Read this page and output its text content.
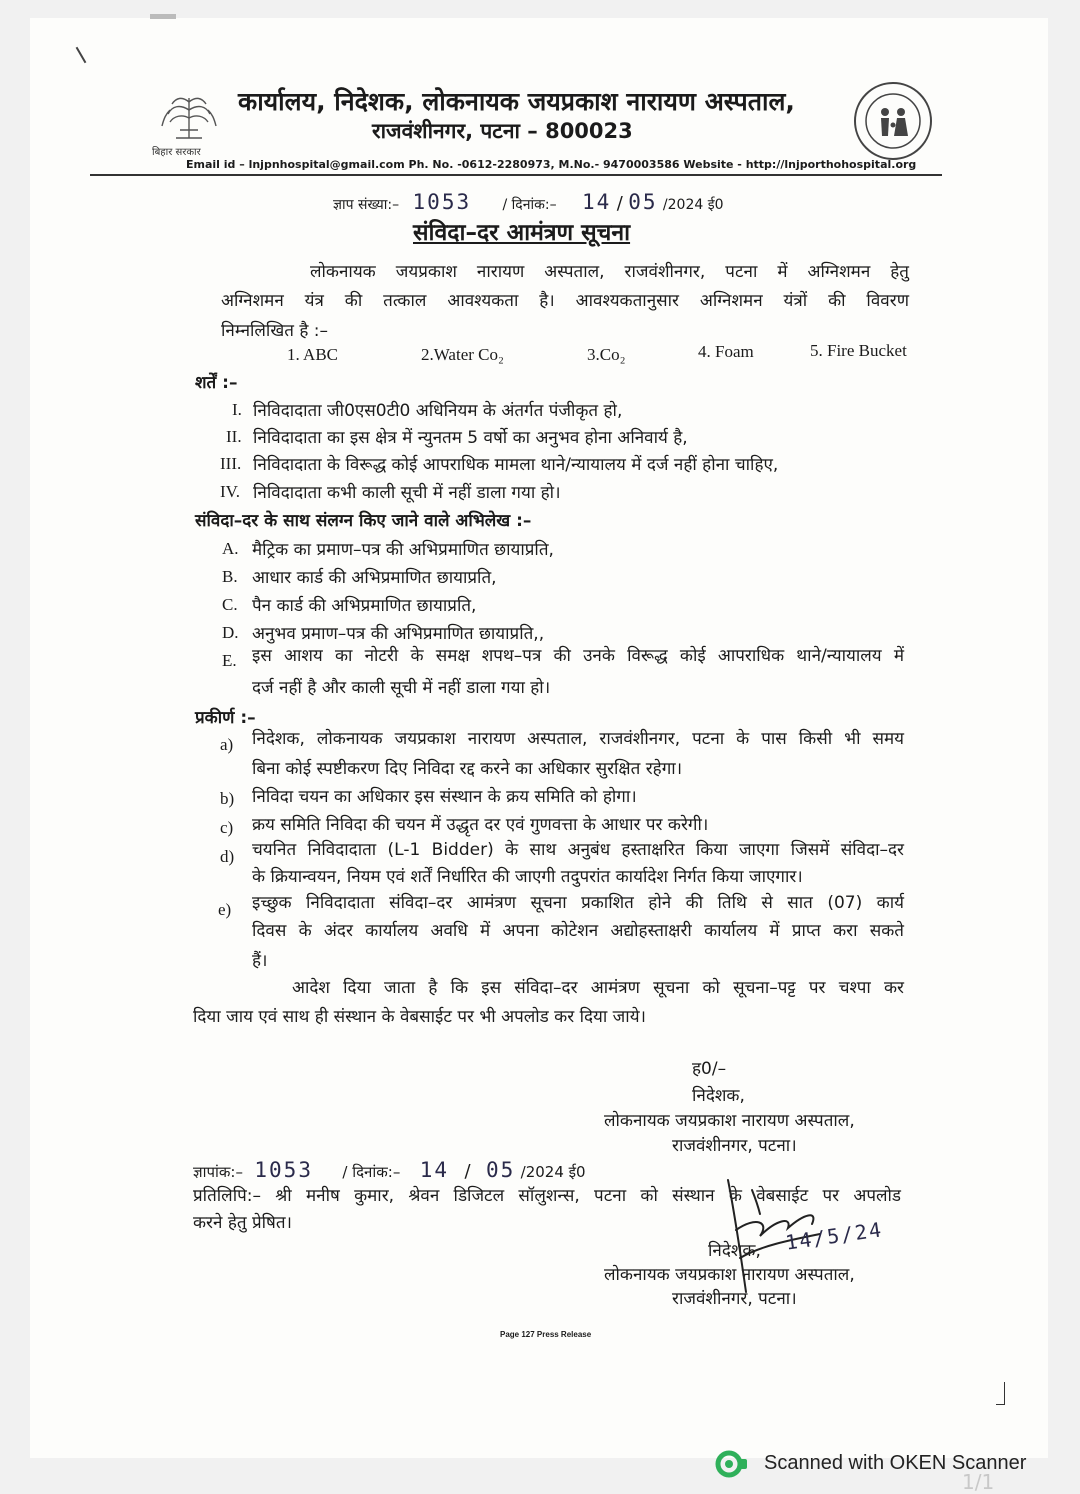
बिहार सरकार
कार्यालय, निदेशक, लोकनायक जयप्रकाश नारायण अस्पताल,
राजवंशीनगर, पटना – 800023
Email id – lnjpnhospital@gmail.com Ph. No. -0612-2280973, M.No.- 9470003586 Website - http://lnjporthohospital.org
ज्ञाप संख्या:– 1053 / दिनांक:– 14 / 05 /2024 ई0
संविदा–दर आमंत्रण सूचना
लोकनायक जयप्रकाश नारायण अस्पताल, राजवंशीनगर, पटना में अग्निशमन हेतु
अग्निशमन यंत्र की तत्काल आवश्यकता है। आवश्यकतानुसार अग्निशमन यंत्रों की विवरण
निम्नलिखित है :–
1. ABC	2.Water Co₂	3.Co₂	4. Foam	5. Fire Bucket
शर्तें :–
I. निविदादाता जी0एस0टी0 अधिनियम के अंतर्गत पंजीकृत हो,
II. निविदादाता का इस क्षेत्र में न्युनतम 5 वर्षो का अनुभव होना अनिवार्य है,
III. निविदादाता के विरूद्ध कोई आपराधिक मामला थाने/न्यायालय में दर्ज नहीं होना चाहिए,
IV. निविदादाता कभी काली सूची में नहीं डाला गया हो।
संविदा–दर के साथ संलग्न किए जाने वाले अभिलेख :–
A. मैट्रिक का प्रमाण–पत्र की अभिप्रमाणित छायाप्रति,
B. आधार कार्ड की अभिप्रमाणित छायाप्रति,
C. पैन कार्ड की अभिप्रमाणित छायाप्रति,
D. अनुभव प्रमाण–पत्र की अभिप्रमाणित छायाप्रति,,
E. इस आशय का नोटरी के समक्ष शपथ–पत्र की उनके विरूद्ध कोई आपराधिक थाने/न्यायालय में
दर्ज नहीं है और काली सूची में नहीं डाला गया हो।
प्रकीर्ण :–
a) निदेशक, लोकनायक जयप्रकाश नारायण अस्पताल, राजवंशीनगर, पटना के पास किसी भी समय
बिना कोई स्पष्टीकरण दिए निविदा रद्द करने का अधिकार सुरक्षित रहेगा।
b) निविदा चयन का अधिकार इस संस्थान के क्रय समिति को होगा।
c) क्रय समिति निविदा की चयन में उद्धृत दर एवं गुणवत्ता के आधार पर करेगी।
d) चयनित निविदादाता (L-1 Bidder) के साथ अनुबंध हस्ताक्षरित किया जाएगा जिसमें संविदा–दर
के क्रियान्वयन, नियम एवं शर्तें निर्धारित की जाएगी तदुपरांत कार्यादेश निर्गत किया जाएगार।
e) इच्छुक निविदादाता संविदा–दर आमंत्रण सूचना प्रकाशित होने की तिथि से सात (07) कार्य
दिवस के अंदर कार्यालय अवधि में अपना कोटेशन अद्योहस्ताक्षरी कार्यालय में प्राप्त करा सकते
हैं।
आदेश दिया जाता है कि इस संविदा–दर आमंत्रण सूचना को सूचना–पट्ट पर चश्पा कर
दिया जाय एवं साथ ही संस्थान के वेबसाईट पर भी अपलोड कर दिया जाये।
ह0/–
निदेशक,
लोकनायक जयप्रकाश नारायण अस्पताल,
राजवंशीनगर, पटना।
ज्ञापांक:– 1053 / दिनांक:– 14 / 05 /2024 ई0
प्रतिलिपि:– श्री मनीष कुमार, श्रेवन डिजिटल सॉलुशन्स, पटना को संस्थान के वेबसाईट पर अपलोड
करने हेतु प्रेषित।
निदेशक,
लोकनायक जयप्रकाश नारायण अस्पताल,
राजवंशीनगर, पटना।
14/5/24
Page 127 Press Release
Scanned with OKEN Scanner
1/1
